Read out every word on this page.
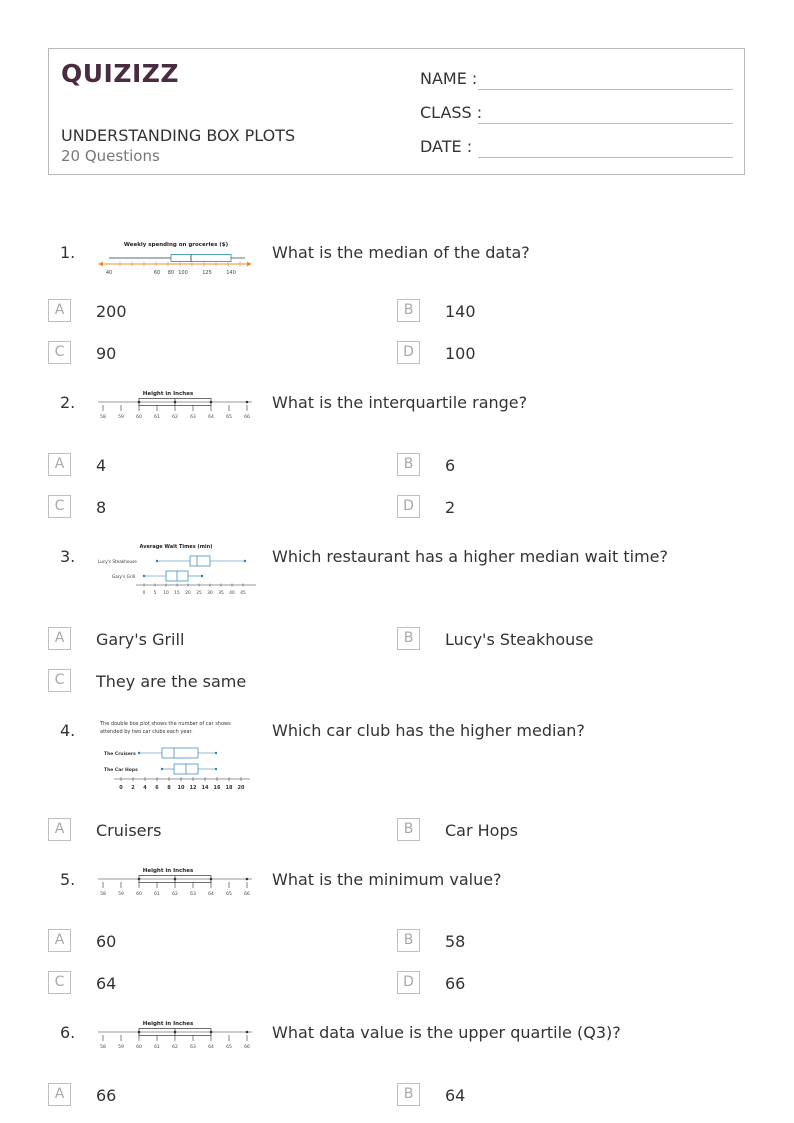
QUIZIZZ
UNDERSTANDING BOX PLOTS
20 Questions
NAME :
CLASS :
DATE :
1.	Weekly spending on groceries ($)
40	60 80 100	125	140
What is the median of the data?
A	200	B	140
C	90	D	100
2.	Height in Inches
58	59	60	61	62	63	64	65	66
What is the interquartile range?
A	4	B	6
C	8	D	2
3.	Average Wait Times (min)
Lucy's Steakhouse
Gary's Grill
0 5 10 15 20 25 30 35 40 45
Which restaurant has a higher median wait time?
A	Gary's Grill	B	Lucy's Steakhouse
C	They are the same
4.	The double box plot shows the number of car shows
attended by two car clubs each year.
The Cruisers
The Car Hops
0 2 4 6 8 10 12 14 16 18 20
Which car club has the higher median?
A	Cruisers	B	Car Hops
5.	Height in Inches
58	59	60	61	62	63	64	65	66
What is the minimum value?
A	60	B	58
C	64	D	66
6.	Height in Inches
58	59	60	61	62	63	64	65	66
What data value is the upper quartile (Q3)?
A	66	B	64
